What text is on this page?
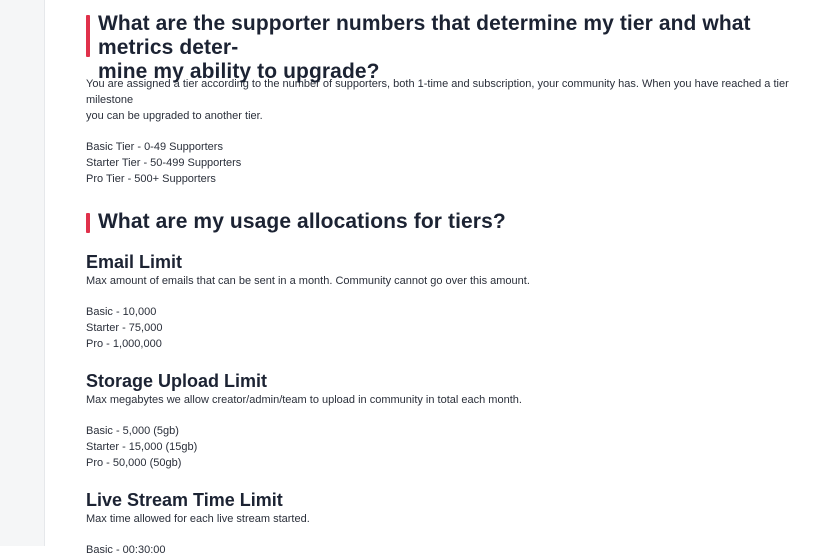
What are the supporter numbers that determine my tier and what metrics deter-
mine my ability to upgrade?

You are assigned a tier according to the number of supporters, both 1-time and subscription, your community has. When you have reached a tier milestone

you can be upgraded to another tier.

Basic Tier - 0-49 Supporters

Starter Tier - 50-499 Supporters

Pro Tier - 500+ Supporters

What are my usage allocations for tiers?
Email Limit

Max amount of emails that can be sent in a month. Community cannot go over this amount.

Basic - 10,000

Starter - 75,000

Pro - 1,000,000

Storage Upload Limit

Max megabytes we allow creator/admin/team to upload in community in total each month.

Basic - 5,000 (5gb)

Starter - 15,000 (15gb)

Pro - 50,000 (50gb)

Live Stream Time Limit

Max time allowed for each live stream started.

Basic - 00:30:00
